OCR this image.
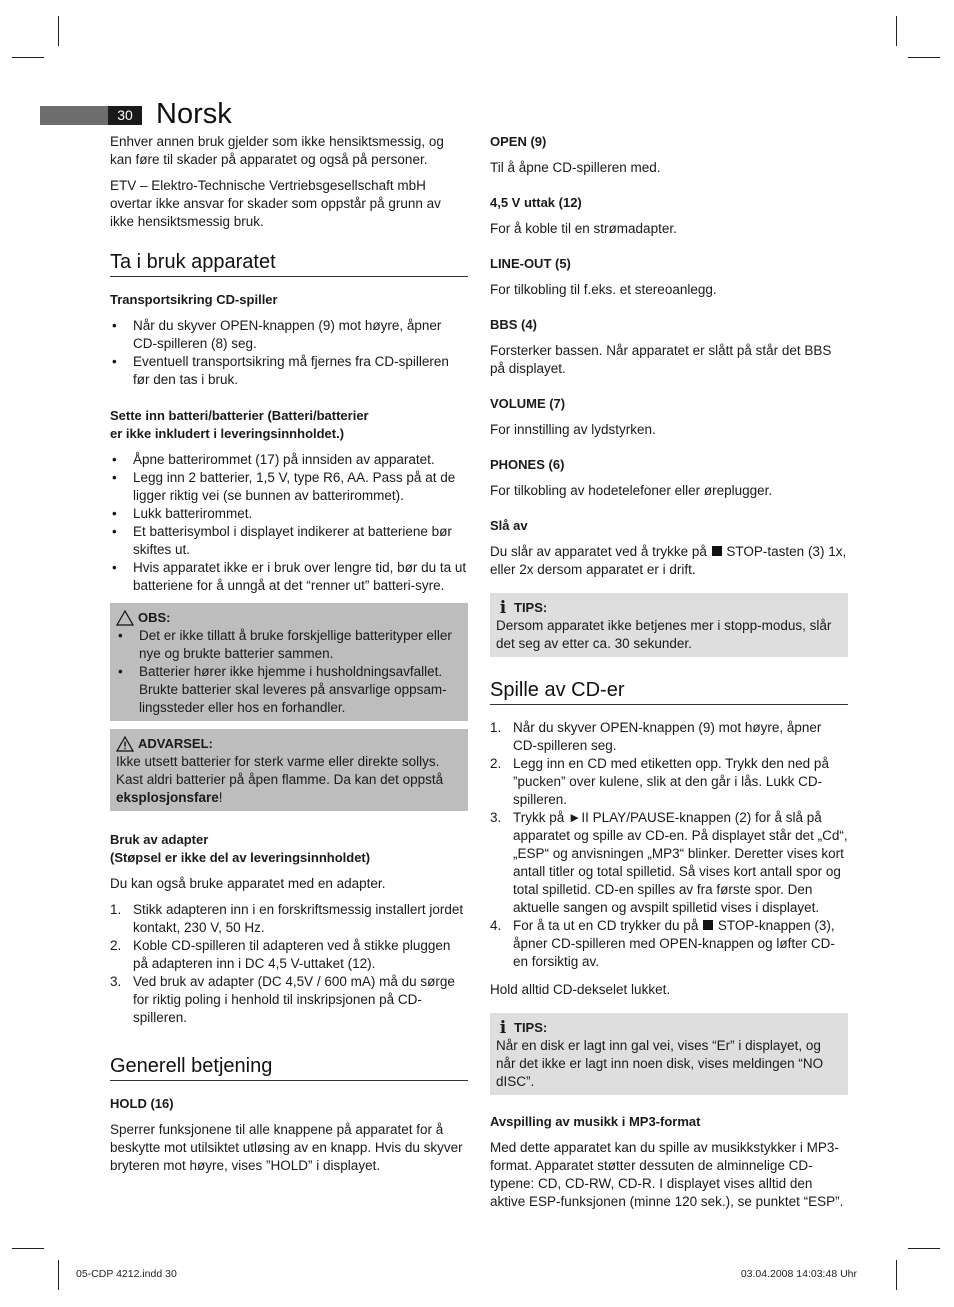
30 Norsk

Enhver annen bruk gjelder som ikke hensiktsmessig, og kan føre til skader på apparatet og også på personer.

ETV – Elektro-Technische Vertriebsgesellschaft mbH overtar ikke ansvar for skader som oppstår på grunn av ikke hensiktsmessig bruk.

Ta i bruk apparatet
Transportsikring CD-spiller
• Når du skyver OPEN-knappen (9) mot høyre, åpner CD-spilleren (8) seg.
• Eventuell transportsikring må fjernes fra CD-spilleren før den tas i bruk.
Sette inn batteri/batterier (Batteri/batterier
er ikke inkludert i leveringsinnholdet.)
• Åpne batterirommet (17) på innsiden av apparatet.
• Legg inn 2 batterier, 1,5 V, type R6, AA. Pass på at de ligger riktig vei (se bunnen av batterirommet).
• Lukk batterirommet.
• Et batterisymbol i displayet indikerer at batteriene bør skiftes ut.
• Hvis apparatet ikke er i bruk over lengre tid, bør du ta ut batteriene for å unngå at det “renner ut” batteri-syre.
OBS:
• Det er ikke tillatt å bruke forskjellige batterityper eller nye og brukte batterier sammen.
• Batterier hører ikke hjemme i husholdningsavfallet. Brukte batterier skal leveres på ansvarlige oppsam-lingssteder eller hos en forhandler.
ADVARSEL:
Ikke utsett batterier for sterk varme eller direkte sollys. Kast aldri batterier på åpen flamme. Da kan det oppstå eksplosjonsfare!
Bruk av adapter
(Støpsel er ikke del av leveringsinnholdet)

Du kan også bruke apparatet med en adapter.

1. Stikk adapteren inn i en forskriftsmessig installert jordet kontakt, 230 V, 50 Hz.
2. Koble CD-spilleren til adapteren ved å stikke pluggen på adapteren inn i DC 4,5 V-uttaket (12).
3. Ved bruk av adapter (DC 4,5V / 600 mA) må du sørge for riktig poling i henhold til inskripsjonen på CD-spilleren.
Generell betjening
HOLD (16)

Sperrer funksjonene til alle knappene på apparatet for å beskytte mot utilsiktet utløsing av en knapp. Hvis du skyver bryteren mot høyre, vises ”HOLD” i displayet.

OPEN (9)

Til å åpne CD-spilleren med.

4,5 V uttak (12)

For å koble til en strømadapter.

LINE-OUT (5)

For tilkobling til f.eks. et stereoanlegg.

BBS (4)

Forsterker bassen. Når apparatet er slått på står det BBS på displayet.

VOLUME (7)

For innstilling av lydstyrken.

PHONES (6)

For tilkobling av hodetelefoner eller øreplugger.

Slå av

Du slår av apparatet ved å trykke på STOP-tasten (3) 1x, eller 2x dersom apparatet er i drift.

i TIPS:
Dersom apparatet ikke betjenes mer i stopp-modus, slår det seg av etter ca. 30 sekunder.
Spille av CD-er
1. Når du skyver OPEN-knappen (9) mot høyre, åpner CD-spilleren seg.
2. Legg inn en CD med etiketten opp. Trykk den ned på ”pucken” over kulene, slik at den går i lås. Lukk CD-spilleren.
3. Trykk på ►II PLAY/PAUSE-knappen (2) for å slå på apparatet og spille av CD-en. På displayet står det „Cd“, „ESP“ og anvisningen „MP3“ blinker. Deretter vises kort antall titler og total spilletid. Så vises kort antall spor og total spilletid. CD-en spilles av fra første spor. Den aktuelle sangen og avspilt spilletid vises i displayet.
4. For å ta ut en CD trykker du på STOP-knappen (3), åpner CD-spilleren med OPEN-knappen og løfter CD-en forsiktig av.

Hold alltid CD-dekselet lukket.

i TIPS:
Når en disk er lagt inn gal vei, vises “Er” i displayet, og når det ikke er lagt inn noen disk, vises meldingen “NO dISC”.
Avspilling av musikk i MP3-format

Med dette apparatet kan du spille av musikkstykker i MP3-format. Apparatet støtter dessuten de alminnelige CD-typene: CD, CD-RW, CD-R. I displayet vises alltid den aktive ESP-funksjonen (minne 120 sek.), se punktet “ESP”.

05-CDP 4212.indd 30	03.04.2008 14:03:48 Uhr
